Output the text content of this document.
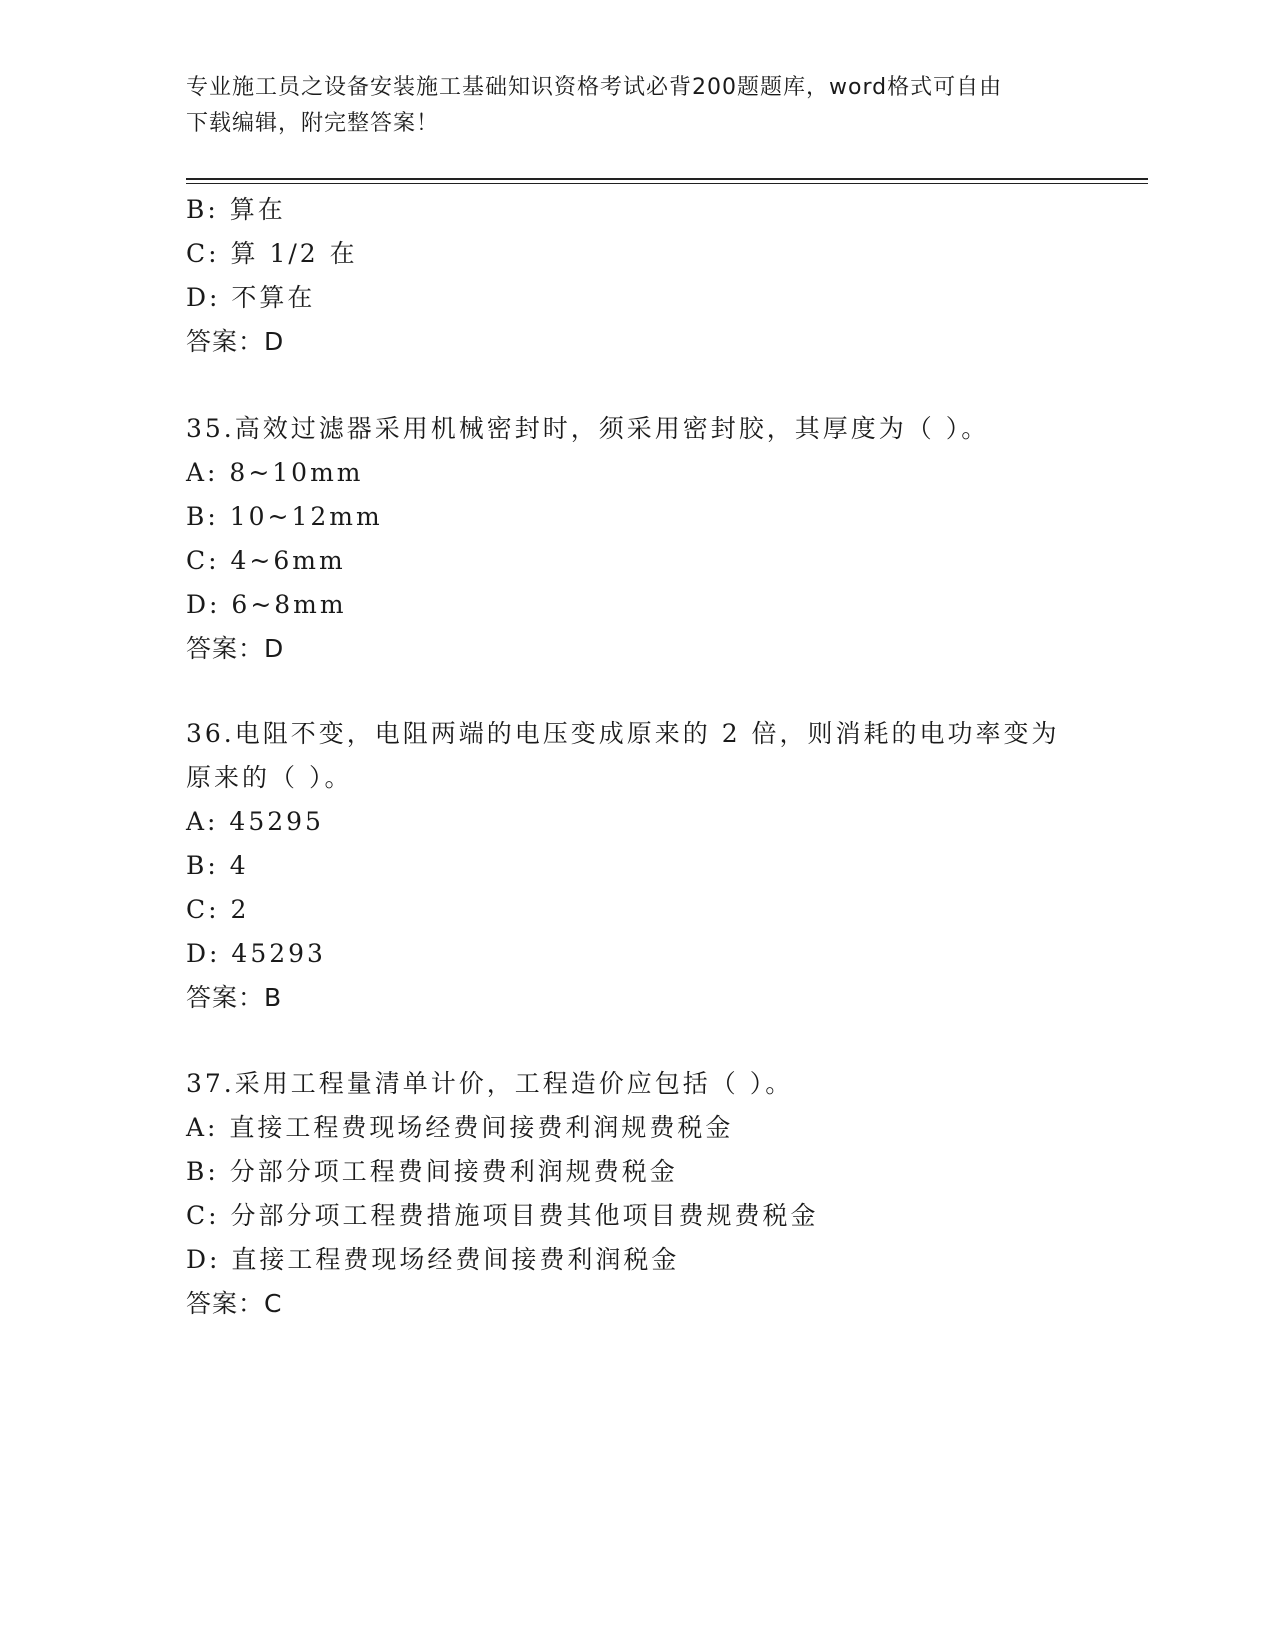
专业施工员之设备安装施工基础知识资格考试必背200题题库，word格式可自由
下载编辑，附完整答案！
B: 算在
C: 算 1/2 在
D: 不算在
答案：D
35.高效过滤器采用机械密封时，须采用密封胶，其厚度为（ ）。
A: 8~10mm
B: 10~12mm
C: 4~6mm
D: 6~8mm
答案：D
36.电阻不变，电阻两端的电压变成原来的 2 倍，则消耗的电功率变为
原来的（ ）。
A: 45295
B: 4
C: 2
D: 45293
答案：B
37.采用工程量清单计价，工程造价应包括（ ）。
A: 直接工程费现场经费间接费利润规费税金
B: 分部分项工程费间接费利润规费税金
C: 分部分项工程费措施项目费其他项目费规费税金
D: 直接工程费现场经费间接费利润税金
答案：C
